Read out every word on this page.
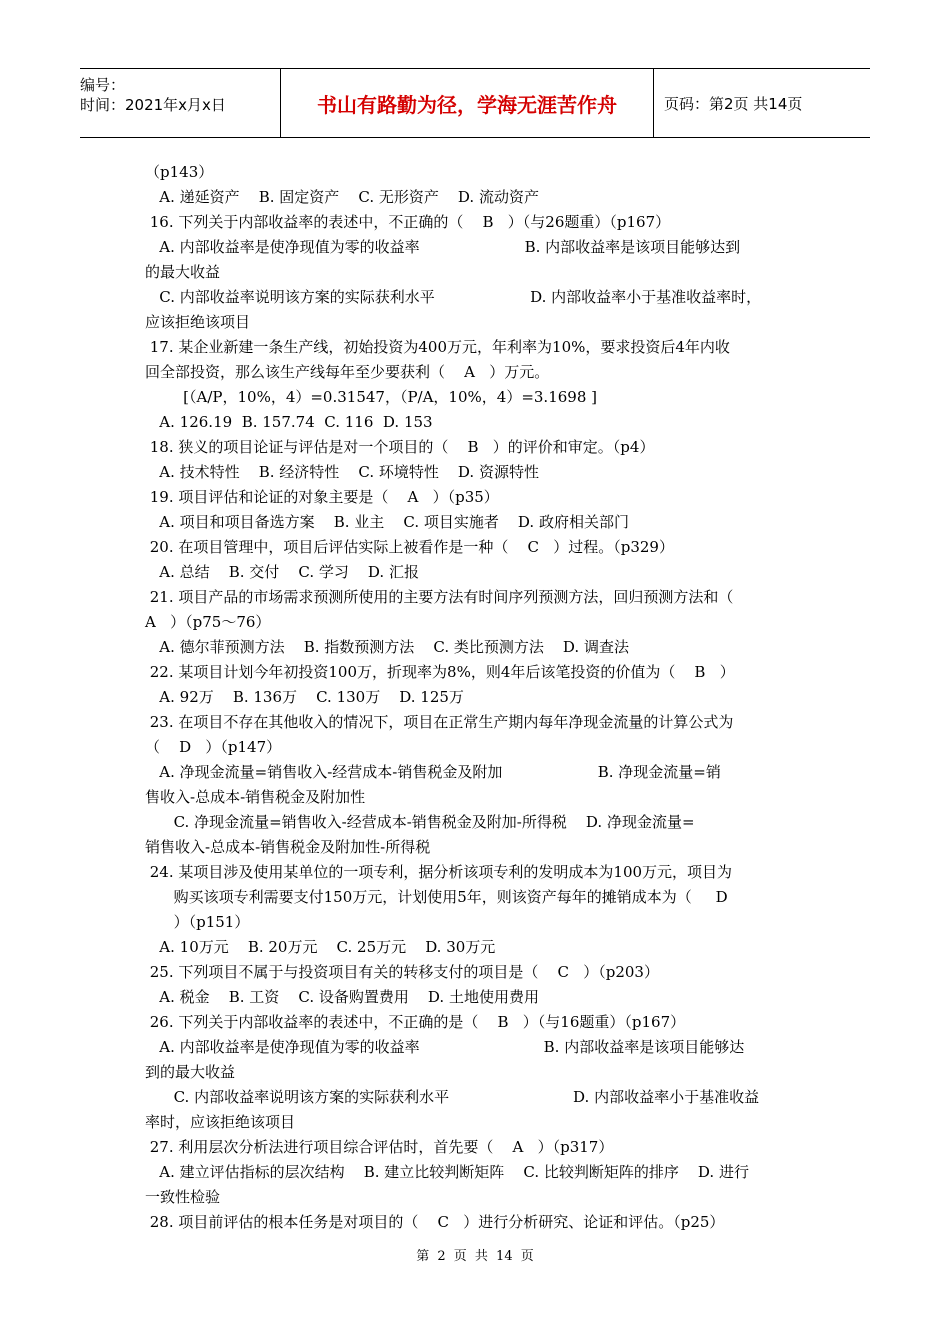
编号：
时间：2021年x月x日	书山有路勤为径，学海无涯苦作舟	页码：第2页 共14页
（p143）
A. 递延资产    B. 固定资产    C. 无形资产    D. 流动资产
16. 下列关于内部收益率的表述中，不正确的（    B   ）（与26题重）（p167）
A. 内部收益率是使净现值为零的收益率                      B. 内部收益率是该项目能够达到
的最大收益
C. 内部收益率说明该方案的实际获利水平                    D. 内部收益率小于基准收益率时，
应该拒绝该项目
17. 某企业新建一条生产线，初始投资为400万元，年利率为10%，要求投资后4年内收
回全部投资，那么该生产线每年至少要获利（    A   ）万元。
[（A/P，10%，4）=0.31547，（P/A，10%，4）=3.1698 ]
A. 126.19  B. 157.74  C. 116  D. 153
18. 狭义的项目论证与评估是对一个项目的（    B   ）的评价和审定。（p4）
A. 技术特性    B. 经济特性    C. 环境特性    D. 资源特性
19. 项目评估和论证的对象主要是（    A   ）（p35）
A. 项目和项目备选方案    B. 业主    C. 项目实施者    D. 政府相关部门
20. 在项目管理中，项目后评估实际上被看作是一种（    C   ）过程。（p329）
A. 总结    B. 交付    C. 学习    D. 汇报
21. 项目产品的市场需求预测所使用的主要方法有时间序列预测方法，回归预测方法和（
A   ）（p75～76）
A. 德尔菲预测方法    B. 指数预测方法    C. 类比预测方法    D. 调查法
22. 某项目计划今年初投资100万，折现率为8%，则4年后该笔投资的价值为（    B   ）
A. 92万    B. 136万    C. 130万    D. 125万
23. 在项目不存在其他收入的情况下，项目在正常生产期内每年净现金流量的计算公式为
（    D   ）（p147）
A. 净现金流量=销售收入-经营成本-销售税金及附加                    B. 净现金流量=销
售收入-总成本-销售税金及附加性
C. 净现金流量=销售收入-经营成本-销售税金及附加-所得税    D. 净现金流量=
销售收入-总成本-销售税金及附加性-所得税
24. 某项目涉及使用某单位的一项专利，据分析该项专利的发明成本为100万元，项目为
购买该项专利需要支付150万元，计划使用5年，则该资产每年的摊销成本为（     D
）（p151）
A. 10万元    B. 20万元    C. 25万元    D. 30万元
25. 下列项目不属于与投资项目有关的转移支付的项目是（    C   ）（p203）
A. 税金    B. 工资    C. 设备购置费用    D. 土地使用费用
26. 下列关于内部收益率的表述中，不正确的是（    B   ）（与16题重）（p167）
A. 内部收益率是使净现值为零的收益率                          B. 内部收益率是该项目能够达
到的最大收益
C. 内部收益率说明该方案的实际获利水平                          D. 内部收益率小于基准收益
率时，应该拒绝该项目
27. 利用层次分析法进行项目综合评估时，首先要（    A   ）（p317）
A. 建立评估指标的层次结构    B. 建立比较判断矩阵    C. 比较判断矩阵的排序    D. 进行
一致性检验
28. 项目前评估的根本任务是对项目的（    C   ）进行分析研究、论证和评估。（p25）
第 2 页 共 14 页
